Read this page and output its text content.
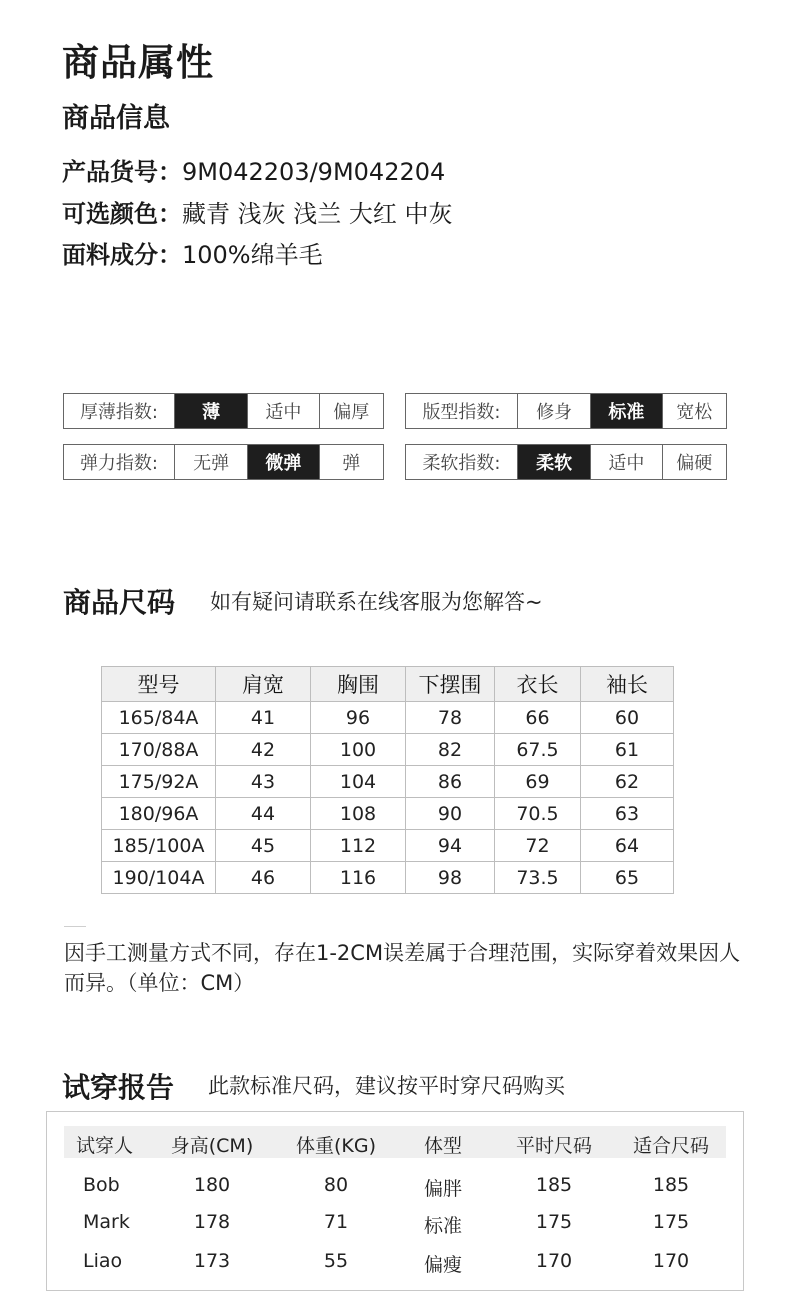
商品属性
商品信息
产品货号：9M042203/9M042204
可选颜色：藏青 浅灰 浅兰 大红 中灰
面料成分：100%绵羊毛
厚薄指数:	薄	适中	偏厚	版型指数:	修身	标准	宽松
弹力指数:	无弹	微弹	弹	柔软指数:	柔软	适中	偏硬
商品尺码 如有疑问请联系在线客服为您解答~
型号	肩宽	胸围	下摆围	衣长	袖长
165/84A	41	96	78	66	60
170/88A	42	100	82	67.5	61
175/92A	43	104	86	69	62
180/96A	44	108	90	70.5	63
185/100A	45	112	94	72	64
190/104A	46	116	98	73.5	65
因手工测量方式不同，存在1-2CM误差属于合理范围，实际穿着效果因人而异。（单位：CM）
试穿报告 此款标准尺码，建议按平时穿尺码购买
试穿人 身高(CM) 体重(KG)	体型	平时尺码 适合尺码
Bob	180	80	偏胖	185	185
Mark	178	71	标准	175	175
Liao	173	55	偏瘦	170	170
